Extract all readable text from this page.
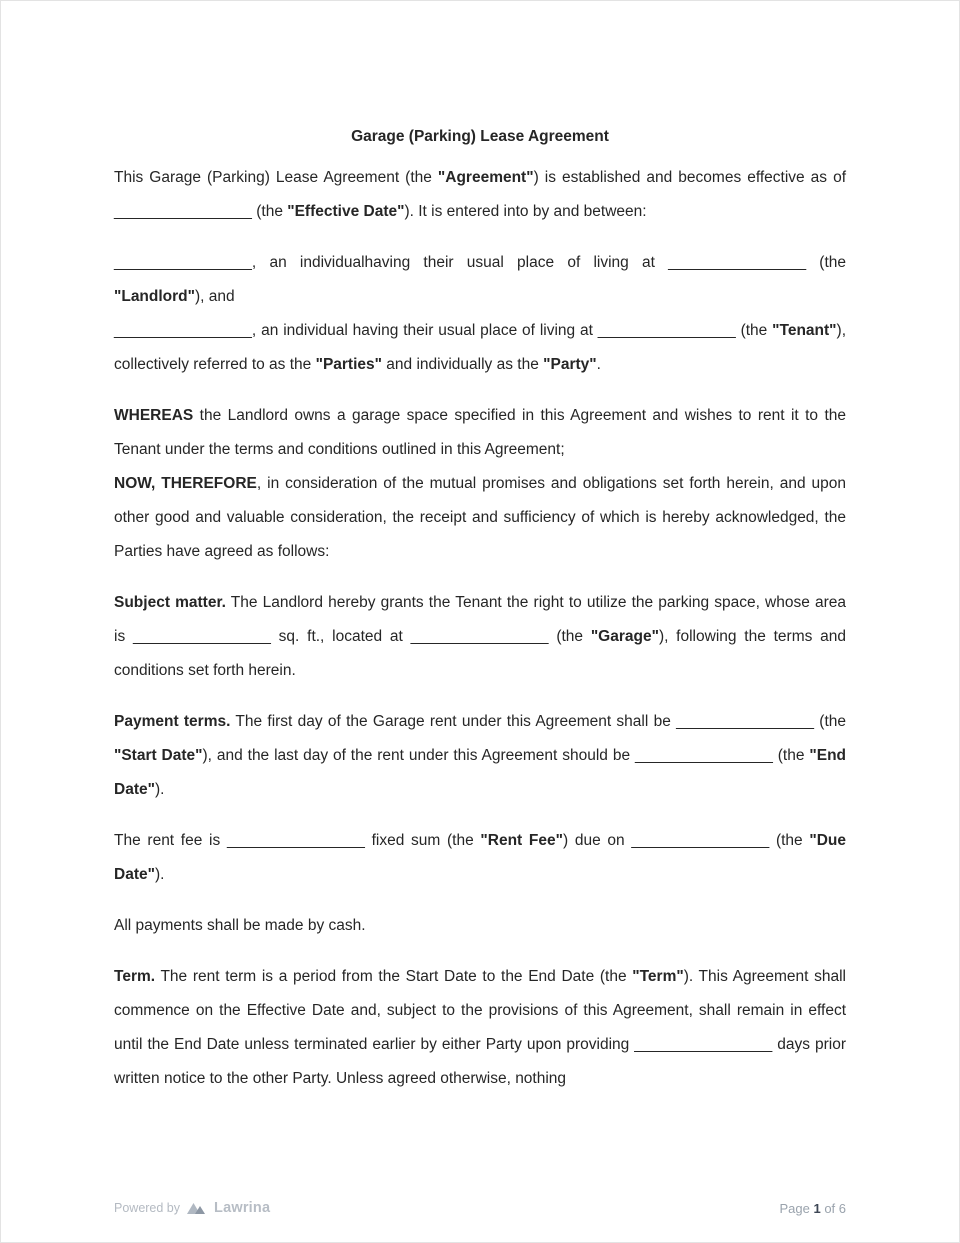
Garage (Parking) Lease Agreement

This Garage (Parking) Lease Agreement (the "Agreement") is established and becomes effective as of ________________ (the "Effective Date"). It is entered into by and between:

________________, an individualhaving their usual place of living at ________________ (the "Landlord"), and

________________, an individual having their usual place of living at ________________ (the "Tenant"), collectively referred to as the "Parties" and individually as the "Party".

WHEREAS the Landlord owns a garage space specified in this Agreement and wishes to rent it to the Tenant under the terms and conditions outlined in this Agreement;

NOW, THEREFORE, in consideration of the mutual promises and obligations set forth herein, and upon other good and valuable consideration, the receipt and sufficiency of which is hereby acknowledged, the Parties have agreed as follows:

Subject matter. The Landlord hereby grants the Tenant the right to utilize the parking space, whose area is ________________ sq. ft., located at ________________ (the "Garage"), following the terms and conditions set forth herein.

Payment terms. The first day of the Garage rent under this Agreement shall be ________________ (the "Start Date"), and the last day of the rent under this Agreement should be ________________ (the "End Date").

The rent fee is ________________ fixed sum (the "Rent Fee") due on ________________ (the "Due Date").

All payments shall be made by cash.

Term. The rent term is a period from the Start Date to the End Date (the "Term"). This Agreement shall commence on the Effective Date and, subject to the provisions of this Agreement, shall remain in effect until the End Date unless terminated earlier by either Party upon providing ________________ days prior written notice to the other Party. Unless agreed otherwise, nothing

Powered by Lawrina	Page 1 of 6
